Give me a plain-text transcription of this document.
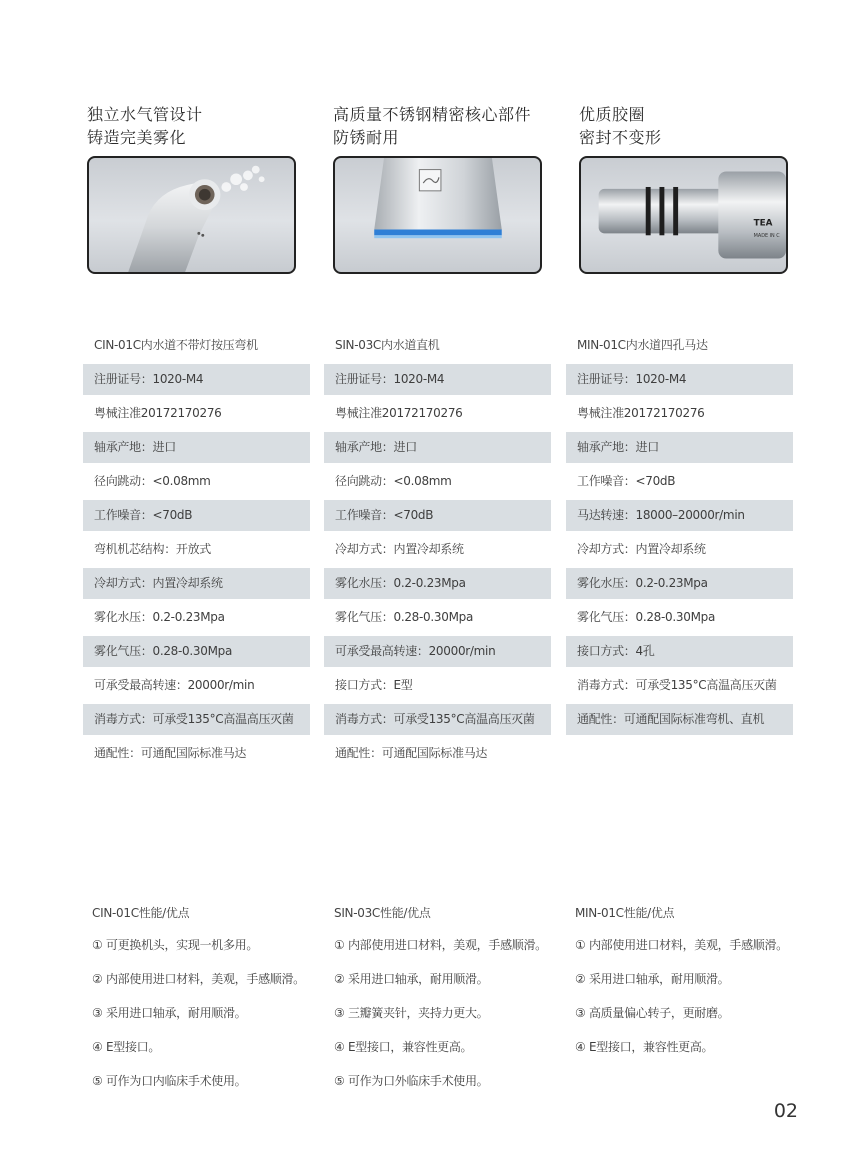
独立水气管设计
铸造完美雾化
高质量不锈钢精密核心部件
防锈耐用
优质胶圈
密封不变形
TEA
MADE IN C
CIN-01C内水道不带灯按压弯机
注册证号：1020-M4
粤械注准20172170276
轴承产地：进口
径向跳动：<0.08mm
工作噪音：<70dB
弯机机芯结构：开放式
冷却方式：内置冷却系统
雾化水压：0.2-0.23Mpa
雾化气压：0.28-0.30Mpa
可承受最高转速：20000r/min
消毒方式：可承受135°C高温高压灭菌
通配性：可通配国际标准马达
SIN-03C内水道直机
注册证号：1020-M4
粤械注准20172170276
轴承产地：进口
径向跳动：<0.08mm
工作噪音：<70dB
冷却方式：内置冷却系统
雾化水压：0.2-0.23Mpa
雾化气压：0.28-0.30Mpa
可承受最高转速：20000r/min
接口方式：E型
消毒方式：可承受135°C高温高压灭菌
通配性：可通配国际标准马达
MIN-01C内水道四孔马达
注册证号：1020-M4
粤械注准20172170276
轴承产地：进口
工作噪音：<70dB
马达转速：18000–20000r/min
冷却方式：内置冷却系统
雾化水压：0.2-0.23Mpa
雾化气压：0.28-0.30Mpa
接口方式：4孔
消毒方式：可承受135°C高温高压灭菌
通配性：可通配国际标准弯机、直机
CIN-01C性能/优点
① 可更换机头，实现一机多用。
② 内部使用进口材料，美观，手感顺滑。
③ 采用进口轴承，耐用顺滑。
④ E型接口。
⑤ 可作为口内临床手术使用。
SIN-03C性能/优点
① 内部使用进口材料，美观，手感顺滑。
② 采用进口轴承，耐用顺滑。
③ 三瓣簧夹针，夹持力更大。
④ E型接口，兼容性更高。
⑤ 可作为口外临床手术使用。
MIN-01C性能/优点
① 内部使用进口材料，美观，手感顺滑。
② 采用进口轴承，耐用顺滑。
③ 高质量偏心转子，更耐磨。
④ E型接口，兼容性更高。
02
